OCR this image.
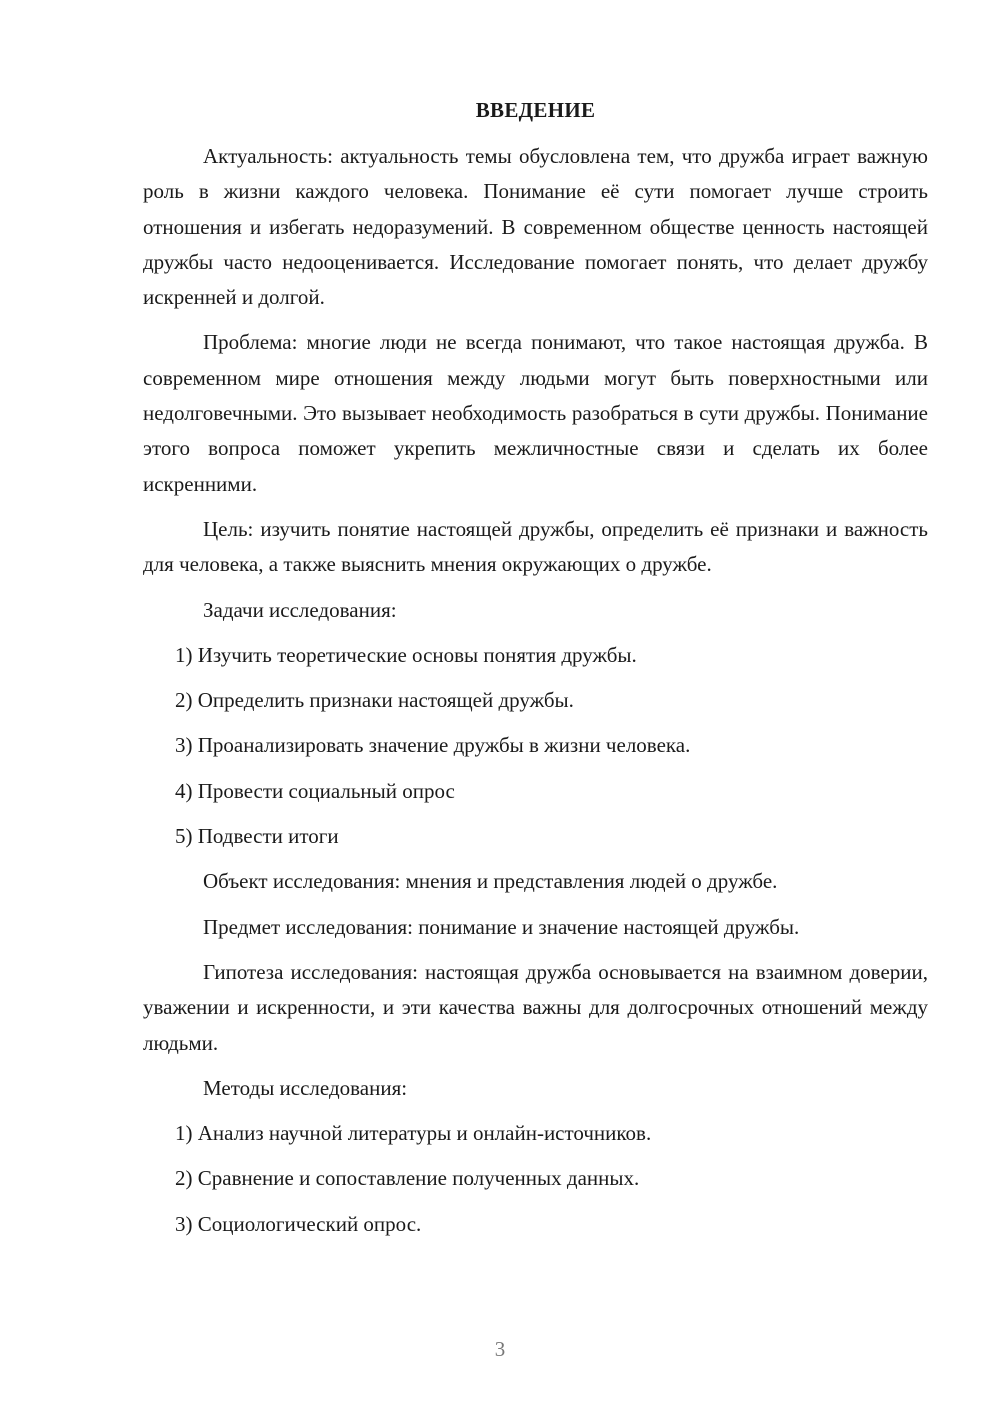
ВВЕДЕНИЕ
Актуальность: актуальность темы обусловлена тем, что дружба играет важную роль в жизни каждого человека. Понимание её сути помогает лучше строить отношения и избегать недоразумений. В современном обществе ценность настоящей дружбы часто недооценивается. Исследование помогает понять, что делает дружбу искренней и долгой.
Проблема: многие люди не всегда понимают, что такое настоящая дружба. В современном мире отношения между людьми могут быть поверхностными или недолговечными. Это вызывает необходимость разобраться в сути дружбы. Понимание этого вопроса поможет укрепить межличностные связи и сделать их более искренними.
Цель: изучить понятие настоящей дружбы, определить её признаки и важность для человека, а также выяснить мнения окружающих о дружбе.
Задачи исследования:
1) Изучить теоретические основы понятия дружбы.
2) Определить признаки настоящей дружбы.
3) Проанализировать значение дружбы в жизни человека.
4) Провести социальный опрос
5) Подвести итоги
Объект исследования: мнения и представления людей о дружбе.
Предмет исследования: понимание и значение настоящей дружбы.
Гипотеза исследования: настоящая дружба основывается на взаимном доверии, уважении и искренности, и эти качества важны для долгосрочных отношений между людьми.
Методы исследования:
1) Анализ научной литературы и онлайн-источников.
2) Сравнение и сопоставление полученных данных.
3) Социологический опрос.
3
